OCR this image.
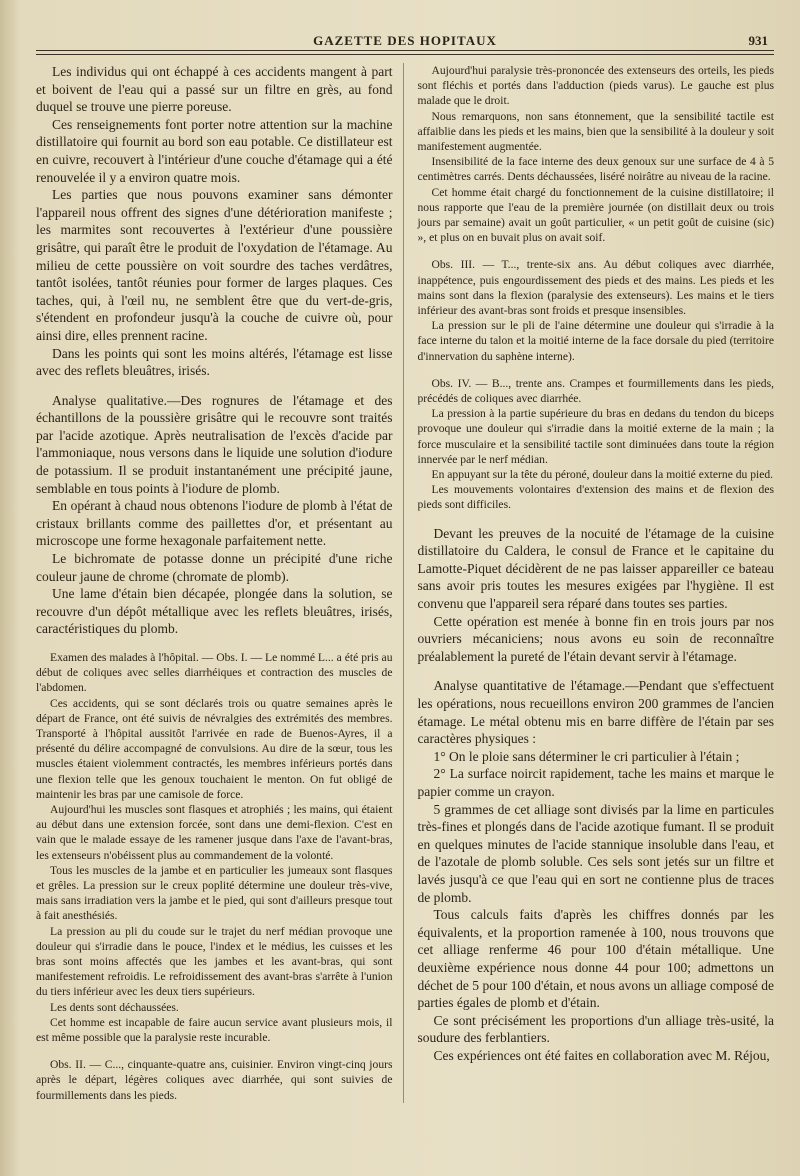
GAZETTE DES HOPITAUX	931

Les individus qui ont échappé à ces accidents mangent à part et boivent de l'eau qui a passé sur un filtre en grès, au fond duquel se trouve une pierre poreuse.

Ces renseignements font porter notre attention sur la machine distillatoire qui fournit au bord son eau potable. Ce distillateur est en cuivre, recouvert à l'intérieur d'une couche d'étamage qui a été renouvelée il y a environ quatre mois.

Les parties que nous pouvons examiner sans démonter l'appareil nous offrent des signes d'une détérioration manifeste ; les marmites sont recouvertes à l'extérieur d'une poussière grisâtre, qui paraît être le produit de l'oxydation de l'étamage. Au milieu de cette poussière on voit sourdre des taches verdâtres, tantôt isolées, tantôt réunies pour former de larges plaques. Ces taches, qui, à l'œil nu, ne semblent être que du vert-de-gris, s'étendent en profondeur jusqu'à la couche de cuivre où, pour ainsi dire, elles prennent racine.

Dans les points qui sont les moins altérés, l'étamage est lisse avec des reflets bleuâtres, irisés.

Analyse qualitative.—Des rognures de l'étamage et des échantillons de la poussière grisâtre qui le recouvre sont traités par l'acide azotique. Après neutralisation de l'excès d'acide par l'ammoniaque, nous versons dans le liquide une solution d'iodure de potassium. Il se produit instantanément une précipité jaune, semblable en tous points à l'iodure de plomb.

En opérant à chaud nous obtenons l'iodure de plomb à l'état de cristaux brillants comme des paillettes d'or, et présentant au microscope une forme hexagonale parfaitement nette.

Le bichromate de potasse donne un précipité d'une riche couleur jaune de chrome (chromate de plomb).

Une lame d'étain bien décapée, plongée dans la solution, se recouvre d'un dépôt métallique avec les reflets bleuâtres, irisés, caractéristiques du plomb.

Examen des malades à l'hôpital. — Obs. I. — Le nommé L... a été pris au début de coliques avec selles diarrhéiques et contraction des muscles de l'abdomen.

Ces accidents, qui se sont déclarés trois ou quatre semaines après le départ de France, ont été suivis de névralgies des extrémités des membres. Transporté à l'hôpital aussitôt l'arrivée en rade de Buenos-Ayres, il a présenté du délire accompagné de convulsions. Au dire de la sœur, tous les muscles étaient violemment contractés, les membres inférieurs portés dans une flexion telle que les genoux touchaient le menton. On fut obligé de maintenir les bras par une camisole de force.

Aujourd'hui les muscles sont flasques et atrophiés ; les mains, qui étaient au début dans une extension forcée, sont dans une demi-flexion. C'est en vain que le malade essaye de les ramener jusque dans l'axe de l'avant-bras, les extenseurs n'obéissent plus au commandement de la volonté.

Tous les muscles de la jambe et en particulier les jumeaux sont flasques et grêles. La pression sur le creux poplité détermine une douleur très-vive, mais sans irradiation vers la jambe et le pied, qui sont d'ailleurs presque tout à fait anesthésiés.

La pression au pli du coude sur le trajet du nerf médian provoque une douleur qui s'irradie dans le pouce, l'index et le médius, les cuisses et les bras sont moins affectés que les jambes et les avant-bras, qui sont manifestement refroidis. Le refroidissement des avant-bras s'arrête à l'union du tiers inférieur avec les deux tiers supérieurs.

Les dents sont déchaussées.

Cet homme est incapable de faire aucun service avant plusieurs mois, il est même possible que la paralysie reste incurable.

Obs. II. — C..., cinquante-quatre ans, cuisinier. Environ vingt-cinq jours après le départ, légères coliques avec diarrhée, qui sont suivies de fourmillements dans les pieds.

Aujourd'hui paralysie très-prononcée des extenseurs des orteils, les pieds sont fléchis et portés dans l'adduction (pieds varus). Le gauche est plus malade que le droit.

Nous remarquons, non sans étonnement, que la sensibilité tactile est affaiblie dans les pieds et les mains, bien que la sensibilité à la douleur y soit manifestement augmentée.

Insensibilité de la face interne des deux genoux sur une surface de 4 à 5 centimètres carrés. Dents déchaussées, liséré noirâtre au niveau de la racine.

Cet homme était chargé du fonctionnement de la cuisine distillatoire; il nous rapporte que l'eau de la première journée (on distillait deux ou trois jours par semaine) avait un goût particulier, « un petit goût de cuisine (sic) », et plus on en buvait plus on avait soif.

Obs. III. — T..., trente-six ans. Au début coliques avec diarrhée, inappétence, puis engourdissement des pieds et des mains. Les pieds et les mains sont dans la flexion (paralysie des extenseurs). Les mains et le tiers inférieur des avant-bras sont froids et presque insensibles.

La pression sur le pli de l'aine détermine une douleur qui s'irradie à la face interne du talon et la moitié interne de la face dorsale du pied (territoire d'innervation du saphène interne).

Obs. IV. — B..., trente ans. Crampes et fourmillements dans les pieds, précédés de coliques avec diarrhée.

La pression à la partie supérieure du bras en dedans du tendon du biceps provoque une douleur qui s'irradie dans la moitié externe de la main ; la force musculaire et la sensibilité tactile sont diminuées dans toute la région innervée par le nerf médian.

En appuyant sur la tête du péroné, douleur dans la moitié externe du pied.

Les mouvements volontaires d'extension des mains et de flexion des pieds sont difficiles.

Devant les preuves de la nocuité de l'étamage de la cuisine distillatoire du Caldera, le consul de France et le capitaine du Lamotte-Piquet décidèrent de ne pas laisser appareiller ce bateau sans avoir pris toutes les mesures exigées par l'hygiène. Il est convenu que l'appareil sera réparé dans toutes ses parties.

Cette opération est menée à bonne fin en trois jours par nos ouvriers mécaniciens; nous avons eu soin de reconnaître préalablement la pureté de l'étain devant servir à l'étamage.

Analyse quantitative de l'étamage.—Pendant que s'effectuent les opérations, nous recueillons environ 200 grammes de l'ancien étamage. Le métal obtenu mis en barre diffère de l'étain par ses caractères physiques :

1° On le ploie sans déterminer le cri particulier à l'étain ;

2° La surface noircit rapidement, tache les mains et marque le papier comme un crayon.

5 grammes de cet alliage sont divisés par la lime en particules très-fines et plongés dans de l'acide azotique fumant. Il se produit en quelques minutes de l'acide stannique insoluble dans l'eau, et de l'azotale de plomb soluble. Ces sels sont jetés sur un filtre et lavés jusqu'à ce que l'eau qui en sort ne contienne plus de traces de plomb.

Tous calculs faits d'après les chiffres donnés par les équivalents, et la proportion ramenée à 100, nous trouvons que cet alliage renferme 46 pour 100 d'étain métallique. Une deuxième expérience nous donne 44 pour 100; admettons un déchet de 5 pour 100 d'étain, et nous avons un alliage composé de parties égales de plomb et d'étain.

Ce sont précisément les proportions d'un alliage très-usité, la soudure des ferblantiers.

Ces expériences ont été faites en collaboration avec M. Réjou,
